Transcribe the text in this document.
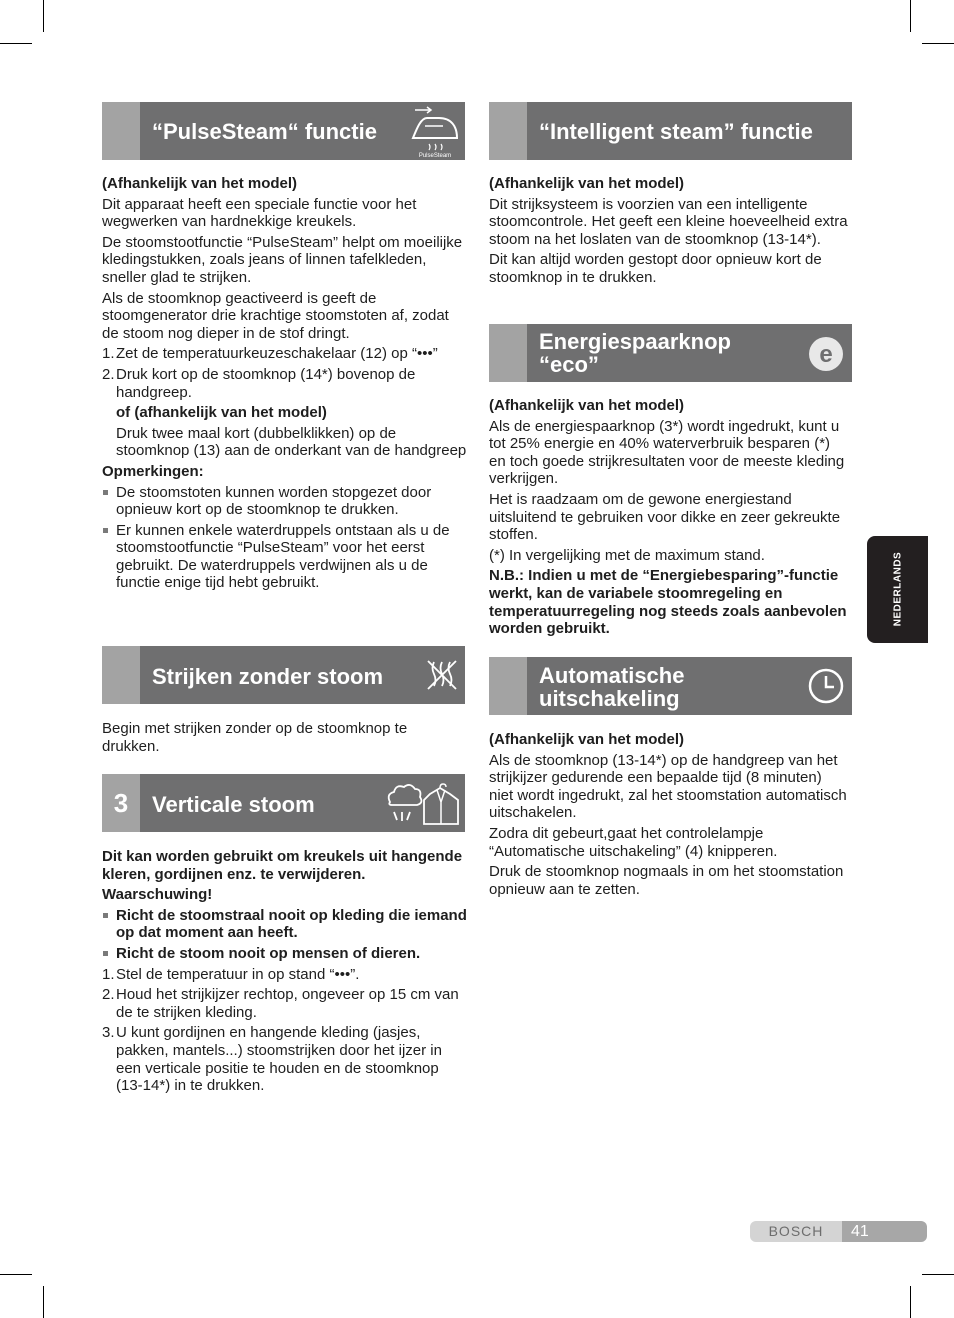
“PulseSteam“ functie
PulseSteam

(Afhankelijk van het model)

Dit apparaat heeft een speciale functie voor het wegwerken van hardnekkige kreukels.

De stoomstootfunctie “PulseSteam” helpt om moeilijke kledingstukken, zoals jeans of linnen tafelkleden, sneller glad te strijken.

Als de stoomknop geactiveerd is geeft de stoomgenerator drie krachtige stoomstoten af, zodat de stoom nog dieper in de stof dringt.

1. Zet de temperatuurkeuzeschakelaar (12) op “•••”
2. Druk kort op de stoomknop (14*) bovenop de handgreep.

of (afhankelijk van het model)

Druk twee maal kort (dubbelklikken) op de stoomknop (13) aan de onderkant van de handgreep

Opmerkingen:

De stoomstoten kunnen worden stopgezet door opnieuw kort op de stoomknop te drukken.
Er kunnen enkele waterdruppels ontstaan als u de stoomstootfunctie “PulseSteam” voor het eerst gebruikt. De waterdruppels verdwijnen als u de functie enige tijd hebt gebruikt.
Strijken zonder stoom

Begin met strijken zonder op de stoomknop te drukken.

3	Verticale stoom

Dit kan worden gebruikt om kreukels uit hangende kleren, gordijnen enz. te verwijderen.

Waarschuwing!

Richt de stoomstraal nooit op kleding die iemand op dat moment aan heeft.
Richt de stoom nooit op mensen of dieren.
1. Stel de temperatuur in op stand “•••”.
2. Houd het strijkijzer rechtop, ongeveer op 15 cm van de te strijken kleding.
3. U kunt gordijnen en hangende kleding (jasjes, pakken, mantels...) stoomstrijken door het ijzer in een verticale positie te houden en de stoomknop (13-14*) in te drukken.
“Intelligent steam” functie

(Afhankelijk van het model)

Dit strijksysteem is voorzien van een intelligente stoomcontrole. Het geeft een kleine hoeveelheid extra stoom na het loslaten van de stoomknop (13-14*).

Dit kan altijd worden gestopt door opnieuw kort de stoomknop in te drukken.

Energiespaarknop
“eco”	e

(Afhankelijk van het model)

Als de energiespaarknop (3*) wordt ingedrukt, kunt u tot 25% energie en 40% waterverbruik besparen (*) en toch goede strijkresultaten voor de meeste kleding verkrijgen.

Het is raadzaam om de gewone energiestand uitsluitend te gebruiken voor dikke en zeer gekreukte stoffen.

(*) In vergelijking met de maximum stand.

N.B.: Indien u met de “Energiebesparing”-functie werkt, kan de variabele stoomregeling en temperatuurregeling nog steeds zoals aanbevolen worden gebruikt.

Automatische
uitschakeling

(Afhankelijk van het model)

Als de stoomknop (13-14*) op de handgreep van het strijkijzer gedurende een bepaalde tijd (8 minuten) niet wordt ingedrukt, zal het stoomstation automatisch uitschakelen.

Zodra dit gebeurt,gaat het controlelampje “Automatische uitschakeling” (4) knipperen.

Druk de stoomknop nogmaals in om het stoomstation opnieuw aan te zetten.

NEDERLANDS
BOSCH	41
